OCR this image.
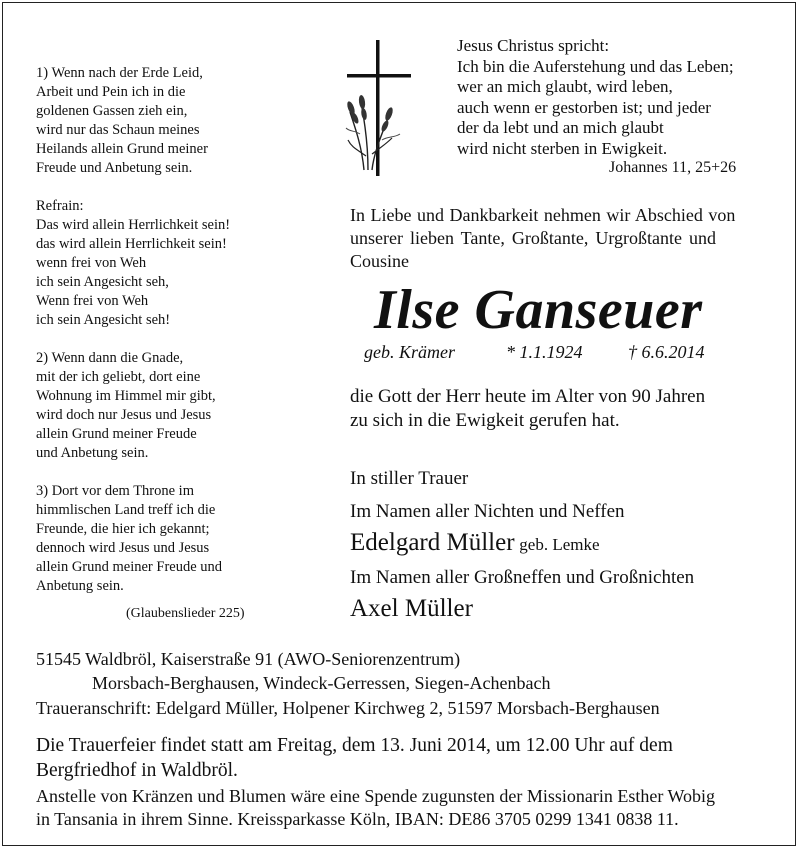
1) Wenn nach der Erde Leid,
Arbeit und Pein ich in die
goldenen Gassen zieh ein,
wird nur das Schaun meines
Heilands allein Grund meiner
Freude und Anbetung sein.

Refrain:
Das wird allein Herrlichkeit sein!
das wird allein Herrlichkeit sein!
wenn frei von Weh
ich sein Angesicht seh,
Wenn frei von Weh
ich sein Angesicht seh!

2) Wenn dann die Gnade,
mit der ich geliebt, dort eine
Wohnung im Himmel mir gibt,
wird doch nur Jesus und Jesus
allein Grund meiner Freude
und Anbetung sein.

3) Dort vor dem Throne im
himmlischen Land treff ich die
Freunde, die hier ich gekannt;
dennoch wird Jesus und Jesus
allein Grund meiner Freude und
Anbetung sein.

(Glaubenslieder 225)
Jesus Christus spricht:
Ich bin die Auferstehung und das Leben;
wer an mich glaubt, wird leben,
auch wenn er gestorben ist; und jeder
der da lebt und an mich glaubt
wird nicht sterben in Ewigkeit.
Johannes 11, 25+26
In Liebe und Dankbarkeit nehmen wir Abschied von
unserer lieben Tante, Großtante, Urgroßtante und
Cousine
Ilse Ganseuer
geb. Krämer	* 1.1.1924	† 6.6.2014
die Gott der Herr heute im Alter von 90 Jahren
zu sich in die Ewigkeit gerufen hat.
In stiller Trauer
Im Namen aller Nichten und Neffen
Edelgard Müller geb. Lemke
Im Namen aller Großneffen und Großnichten
Axel Müller
51545 Waldbröl, Kaiserstraße 91 (AWO-Seniorenzentrum)
Morsbach-Berghausen, Windeck-Gerressen, Siegen-Achenbach
Traueranschrift: Edelgard Müller, Holpener Kirchweg 2, 51597 Morsbach-Berghausen
Die Trauerfeier findet statt am Freitag, dem 13. Juni 2014, um 12.00 Uhr auf dem
Bergfriedhof in Waldbröl.
Anstelle von Kränzen und Blumen wäre eine Spende zugunsten der Missionarin Esther Wobig
in Tansania in ihrem Sinne. Kreissparkasse Köln, IBAN: DE86 3705 0299 1341 0838 11.
